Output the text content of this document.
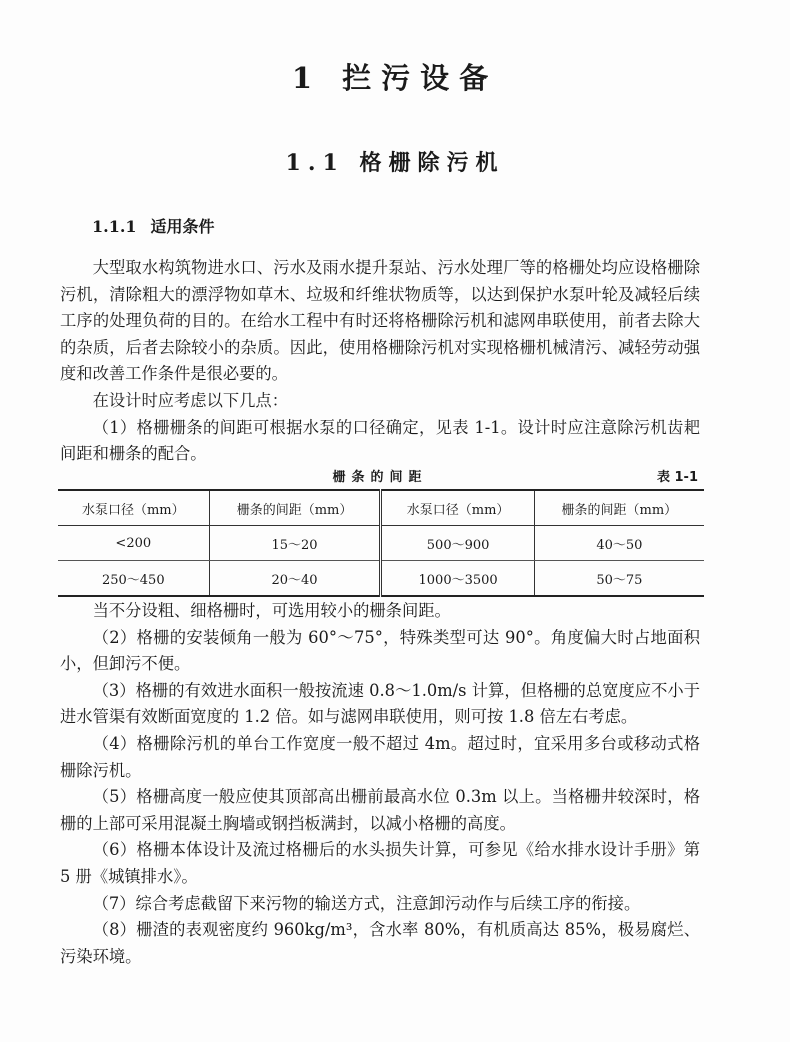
1 拦污设备
1.1 格栅除污机
1.1.1 适用条件

大型取水构筑物进水口、污水及雨水提升泵站、污水处理厂等的格栅处均应设格栅除污机，清除粗大的漂浮物如草木、垃圾和纤维状物质等，以达到保护水泵叶轮及减轻后续工序的处理负荷的目的。在给水工程中有时还将格栅除污机和滤网串联使用，前者去除大的杂质，后者去除较小的杂质。因此，使用格栅除污机对实现格栅机械清污、减轻劳动强度和改善工作条件是很必要的。

在设计时应考虑以下几点：

（1）格栅栅条的间距可根据水泵的口径确定，见表 1-1。设计时应注意除污机齿耙间距和栅条的配合。

栅条的间距	表 1-1
水泵口径（mm）	栅条的间距（mm）	水泵口径（mm）	栅条的间距（mm）
<200	15～20	500～900	40～50
250～450	20～40	1000～3500	50～75

当不分设粗、细格栅时，可选用较小的栅条间距。

（2）格栅的安装倾角一般为 60°～75°，特殊类型可达 90°。角度偏大时占地面积小，但卸污不便。

（3）格栅的有效进水面积一般按流速 0.8～1.0m/s 计算，但格栅的总宽度应不小于进水管渠有效断面宽度的 1.2 倍。如与滤网串联使用，则可按 1.8 倍左右考虑。

（4）格栅除污机的单台工作宽度一般不超过 4m。超过时，宜采用多台或移动式格栅除污机。

（5）格栅高度一般应使其顶部高出栅前最高水位 0.3m 以上。当格栅井较深时，格栅的上部可采用混凝土胸墙或钢挡板满封，以减小格栅的高度。

（6）格栅本体设计及流过格栅后的水头损失计算，可参见《给水排水设计手册》第 5 册《城镇排水》。

（7）综合考虑截留下来污物的输送方式，注意卸污动作与后续工序的衔接。

（8）栅渣的表观密度约 960kg/m³，含水率 80%，有机质高达 85%，极易腐烂、污染环境。
